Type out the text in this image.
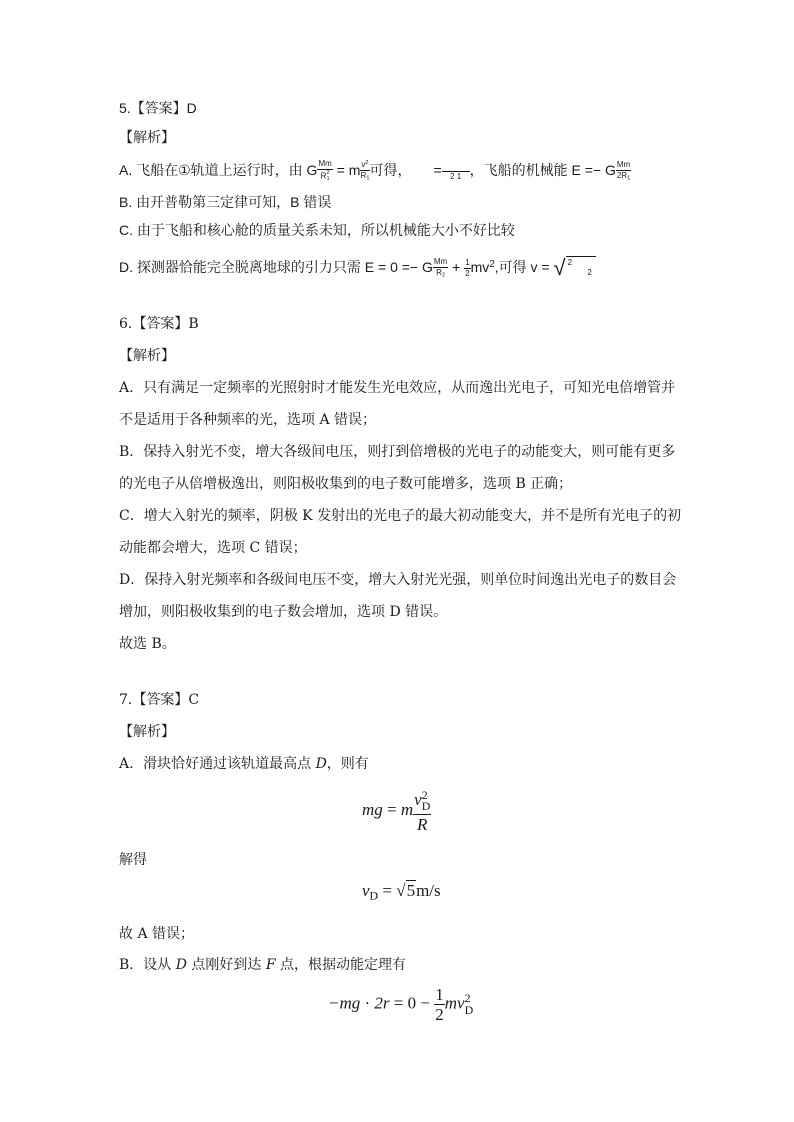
5.【答案】D
【解析】
A. 飞船在①轨道上运行时，由 G Mm
R 2
1 = m $\frac{v^2}{R_1}$ 可得， =
2 1 ，飞船的机械能 E =− G $\frac{Mm}{2R_1}$
B. 由开普勒第三定律可知，B 错误
C. 由于飞船和核心舱的质量关系未知，所以机械能大小不好比较
D. 探测器恰能完全脱离地球的引力只需 E = 0 =− G $\frac{Mm}{R_2} + \frac{1}{2} mv^2$,可得 v = √ 2
2
6.【答案】B
【解析】
A．只有满足一定频率的光照射时才能发生光电效应，从而逸出光电子，可知光电倍增管并
不是适用于各种频率的光，选项 A 错误；
B．保持入射光不变，增大各级间电压，则打到倍增极的光电子的动能变大，则可能有更多
的光电子从倍增极逸出，则阳极收集到的电子数可能增多，选项 B 正确；
C．增大入射光的频率，阴极 K 发射出的光电子的最大初动能变大，并不是所有光电子的初
动能都会增大，选项 C 错误；
D．保持入射光频率和各级间电压不变，增大入射光光强，则单位时间逸出光电子的数目会
增加，则阳极收集到的电子数会增加，选项 D 错误。
故选 B。
7.【答案】C
【解析】
A．滑块恰好通过该轨道最高点 D，则有
mg = m v 2
D
R
解得
$v_D = √5m/s$
故 A 错误；
B．设从 D 点刚好到达 F 点，根据动能定理有
$-mg \cdot 2r = 0 - \frac{1}{2}$ mv 2
D
